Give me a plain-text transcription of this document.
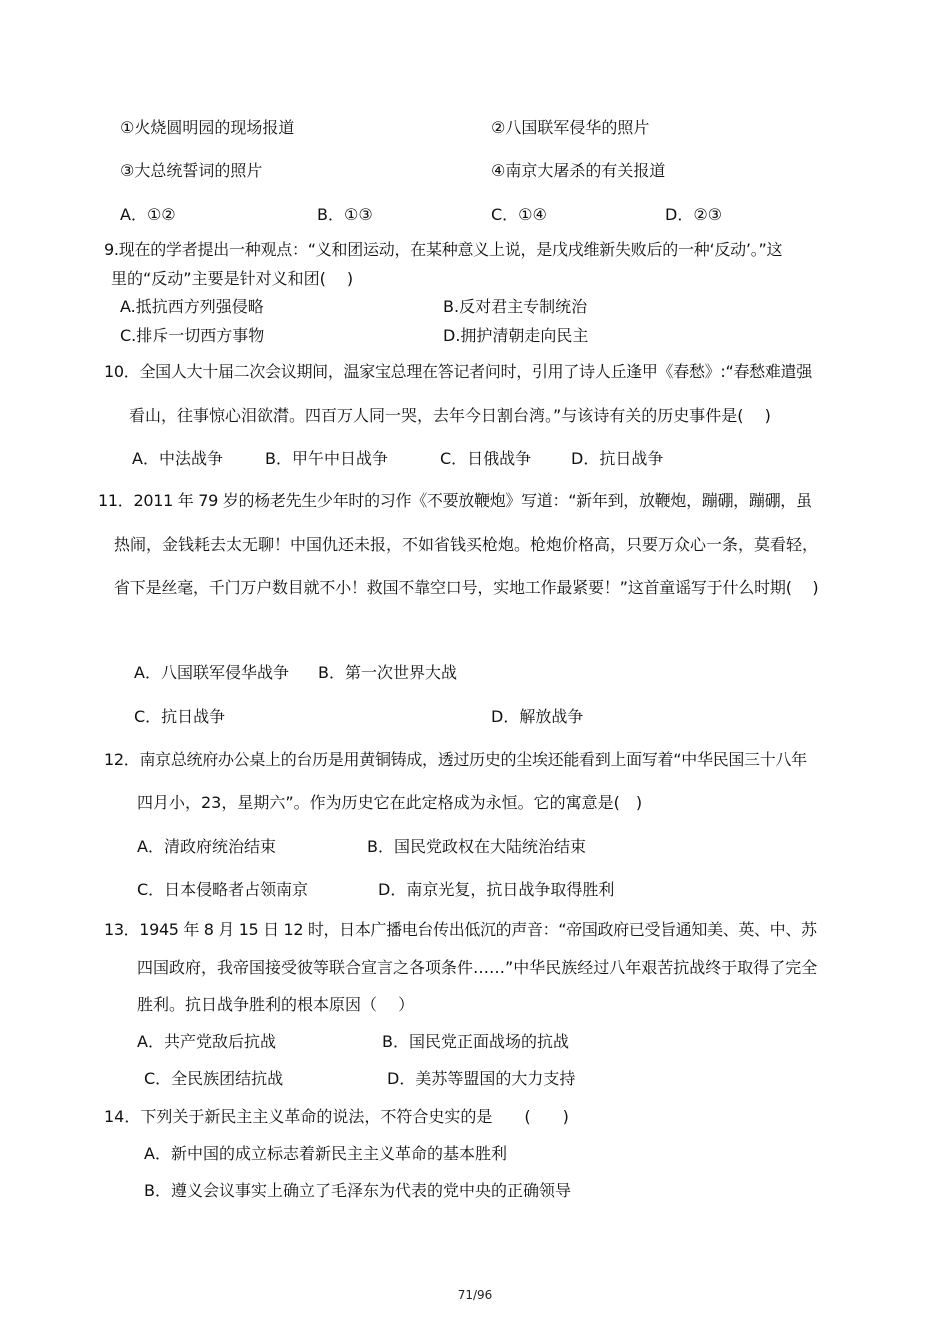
①火烧圆明园的现场报道	②八国联军侵华的照片
③大总统誓词的照片	④南京大屠杀的有关报道
A．①②	B．①③	C．①④	D．②③
9.现在的学者提出一种观点：“义和团运动，在某种意义上说，是戊戌维新失败后的一种‘反动’。”这
里的“反动”主要是针对义和团(　 )
A.抵抗西方列强侵略	B.反对君主专制统治
C.排斥一切西方事物	D.拥护清朝走向民主
10．全国人大十届二次会议期间，温家宝总理在答记者问时，引用了诗人丘逢甲《春愁》:“春愁难遣强
看山，往事惊心泪欲潸。四百万人同一哭，去年今日割台湾。”与该诗有关的历史事件是(　 )
A．中法战争	B．甲午中日战争	C．日俄战争 D．抗日战争
11．2011 年 79 岁的杨老先生少年时的习作《不要放鞭炮》写道：“新年到，放鞭炮，蹦硼，蹦硼，虽
热闹，金钱耗去太无聊！中国仇还未报，不如省钱买枪炮。枪炮价格高，只要万众心一条，莫看轻，
省下是丝毫，千门万户数目就不小！救国不靠空口号，实地工作最紧要！”这首童谣写于什么时期(　 )
A．八国联军侵华战争 B．第一次世界大战
C．抗日战争	D．解放战争
12．南京总统府办公桌上的台历是用黄铜铸成，透过历史的尘埃还能看到上面写着“中华民国三十八年
四月小，23，星期六”。作为历史它在此定格成为永恒。它的寓意是(　)
A．清政府统治结束	B．国民党政权在大陆统治结束
C．日本侵略者占领南京	D．南京光复，抗日战争取得胜利
13．1945 年 8 月 15 日 12 时，日本广播电台传出低沉的声音：“帝国政府已受旨通知美、英、中、苏
四国政府，我帝国接受彼等联合宣言之各项条件……”中华民族经过八年艰苦抗战终于取得了完全
胜利。抗日战争胜利的根本原因（　 ）
A．共产党敌后抗战	B．国民党正面战场的抗战
C．全民族团结抗战	D．美苏等盟国的大力支持
14．下列关于新民主主义革命的说法，不符合史实的是　　(　　)
A．新中国的成立标志着新民主主义革命的基本胜利
B．遵义会议事实上确立了毛泽东为代表的党中央的正确领导
71/96
